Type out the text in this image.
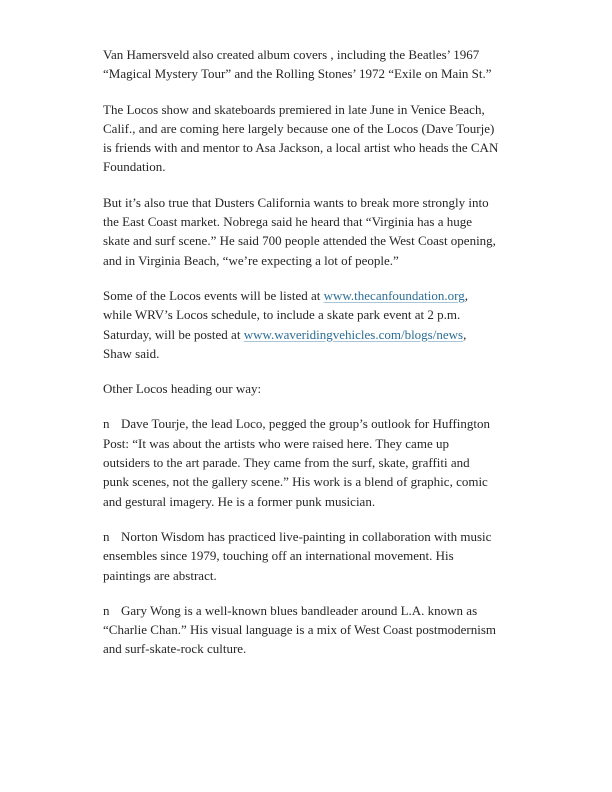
Van Hamersveld also created album covers , including the Beatles’ 1967
“Magical Mystery Tour” and the Rolling Stones’ 1972 “Exile on Main St.”

The Locos show and skateboards premiered in late June in Venice Beach,
Calif., and are coming here largely because one of the Locos (Dave Tourje)
is friends with and mentor to Asa Jackson, a local artist who heads the CAN
Foundation.

But it’s also true that Dusters California wants to break more strongly into
the East Coast market. Nobrega said he heard that “Virginia has a huge
skate and surf scene.” He said 700 people attended the West Coast opening,
and in Virginia Beach, “we’re expecting a lot of people.”

Some of the Locos events will be listed at www.thecanfoundation.org,
while WRV’s Locos schedule, to include a skate park event at 2 p.m.
Saturday, will be posted at www.waveridingvehicles.com/blogs/news,
Shaw said.

Other Locos heading our way:

n Dave Tourje, the lead Loco, pegged the group’s outlook for Huffington
Post: “It was about the artists who were raised here. They came up
outsiders to the art parade. They came from the surf, skate, graffiti and
punk scenes, not the gallery scene.” His work is a blend of graphic, comic
and gestural imagery. He is a former punk musician.

n Norton Wisdom has practiced live-painting in collaboration with music
ensembles since 1979, touching off an international movement. His
paintings are abstract.

n Gary Wong is a well-known blues bandleader around L.A. known as
“Charlie Chan.” His visual language is a mix of West Coast postmodernism
and surf-skate-rock culture.
